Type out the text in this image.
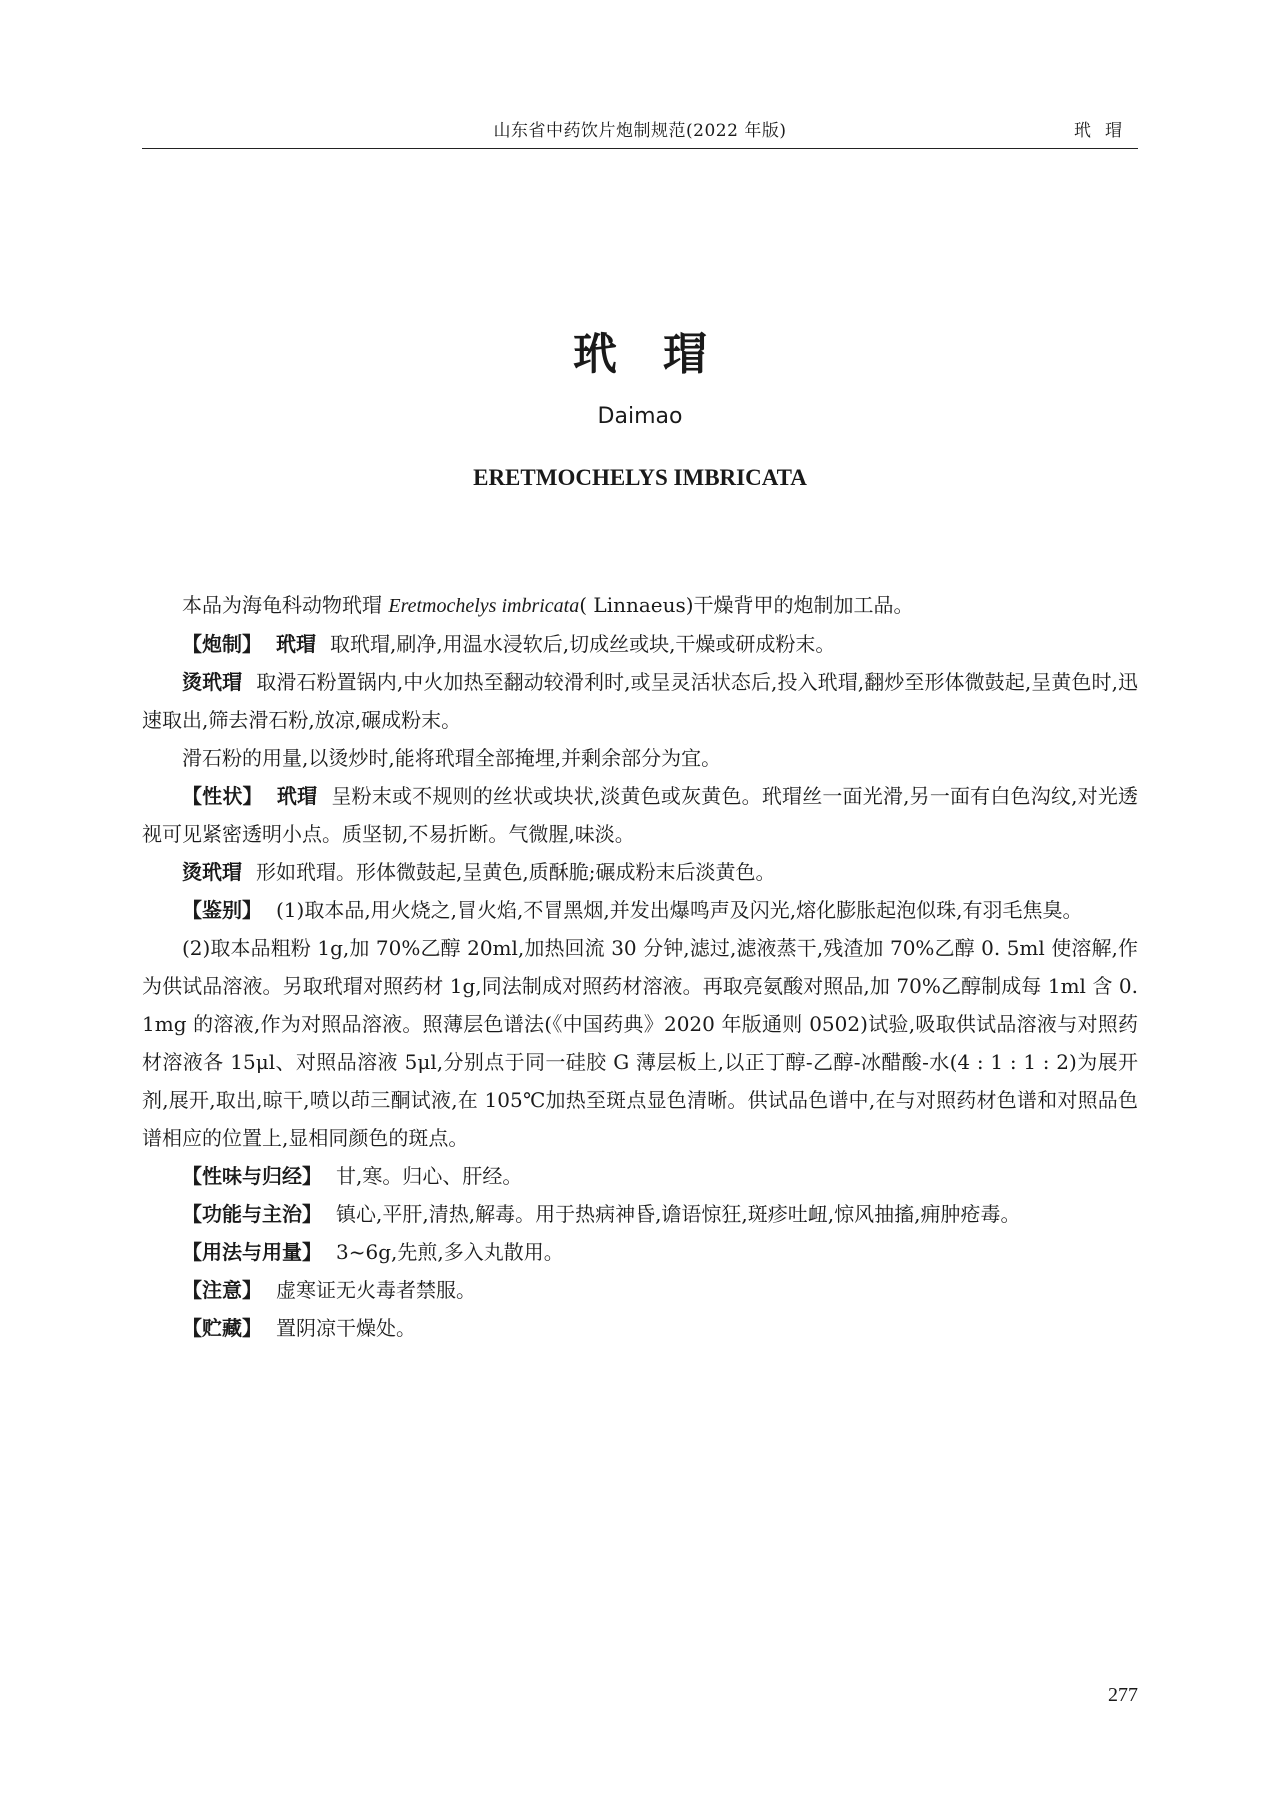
山东省中药饮片炮制规范(2022 年版)	玳瑁
玳瑁
Daimao
ERETMOCHELYS IMBRICATA

本品为海龟科动物玳瑁 Eretmochelys imbricata( Linnaeus)干燥背甲的炮制加工品。

【炮制】 玳瑁 取玳瑁,刷净,用温水浸软后,切成丝或块,干燥或研成粉末。

烫玳瑁 取滑石粉置锅内,中火加热至翻动较滑利时,或呈灵活状态后,投入玳瑁,翻炒至形体微鼓起,呈黄色时,迅速取出,筛去滑石粉,放凉,碾成粉末。

滑石粉的用量,以烫炒时,能将玳瑁全部掩埋,并剩余部分为宜。

【性状】 玳瑁 呈粉末或不规则的丝状或块状,淡黄色或灰黄色。玳瑁丝一面光滑,另一面有白色沟纹,对光透视可见紧密透明小点。质坚韧,不易折断。气微腥,味淡。

烫玳瑁 形如玳瑁。形体微鼓起,呈黄色,质酥脆;碾成粉末后淡黄色。

【鉴别】 (1)取本品,用火烧之,冒火焰,不冒黑烟,并发出爆鸣声及闪光,熔化膨胀起泡似珠,有羽毛焦臭。

(2)取本品粗粉 1g,加 70%乙醇 20ml,加热回流 30 分钟,滤过,滤液蒸干,残渣加 70%乙醇 0. 5ml 使溶解,作为供试品溶液。另取玳瑁对照药材 1g,同法制成对照药材溶液。再取亮氨酸对照品,加 70%乙醇制成每 1ml 含 0. 1mg 的溶液,作为对照品溶液。照薄层色谱法(《中国药典》2020 年版通则 0502)试验,吸取供试品溶液与对照药材溶液各 15μl、对照品溶液 5μl,分别点于同一硅胶 G 薄层板上,以正丁醇-乙醇-冰醋酸-水(4 : 1 : 1 : 2)为展开剂,展开,取出,晾干,喷以茚三酮试液,在 105℃加热至斑点显色清晰。供试品色谱中,在与对照药材色谱和对照品色谱相应的位置上,显相同颜色的斑点。

【性味与归经】 甘,寒。归心、肝经。

【功能与主治】 镇心,平肝,清热,解毒。用于热病神昏,谵语惊狂,斑疹吐衄,惊风抽搐,痈肿疮毒。

【用法与用量】 3~6g,先煎,多入丸散用。

【注意】 虚寒证无火毒者禁服。

【贮藏】 置阴凉干燥处。

277
